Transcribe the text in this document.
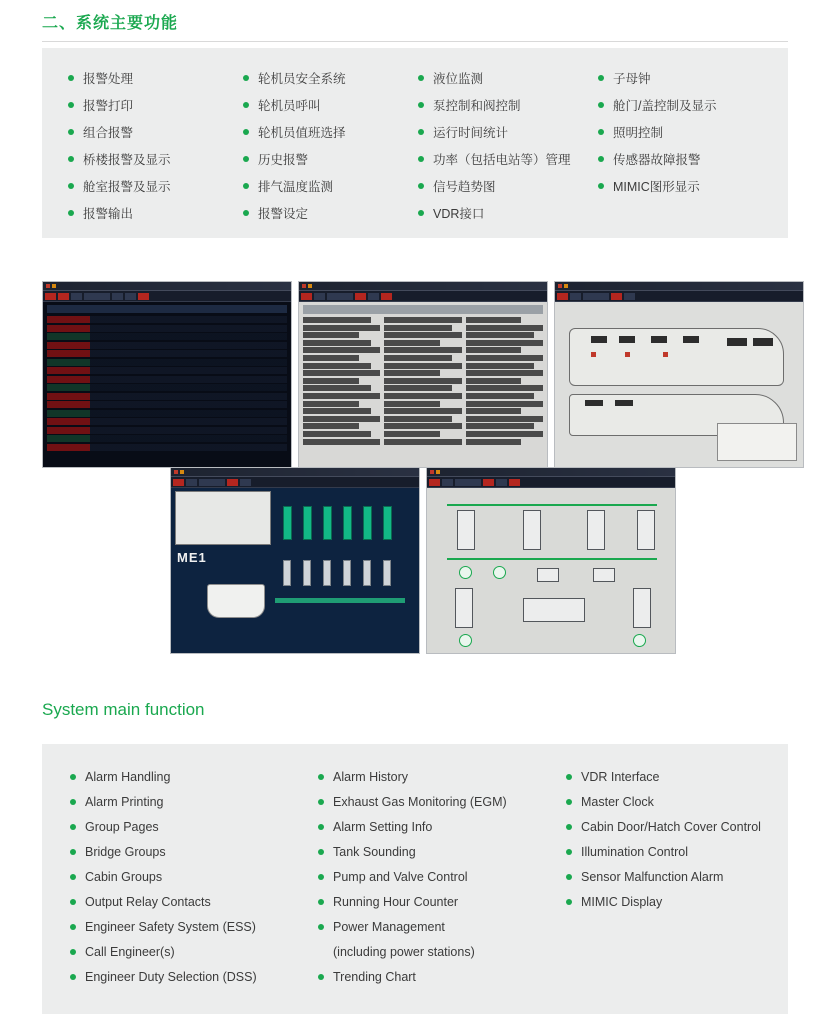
二、系统主要功能
报警处理	轮机员安全系统	液位监测	子母钟
报警打印	轮机员呼叫	泵控制和阀控制	舱门/盖控制及显示
组合报警	轮机员值班选择	运行时间统计	照明控制
桥楼报警及显示	历史报警	功率（包括电站等）管理	传感器故障报警
舱室报警及显示	排气温度监测	信号趋势图	MIMIC图形显示
报警输出	报警设定	VDR接口
ME1
System main function
Alarm Handling	Alarm History	VDR Interface
Alarm Printing	Exhaust Gas Monitoring (EGM)	Master Clock
Group Pages	Alarm Setting Info	Cabin Door/Hatch Cover Control
Bridge Groups	Tank Sounding	Illumination Control
Cabin Groups	Pump and Valve Control	Sensor Malfunction Alarm
Output Relay Contacts	Running Hour Counter	MIMIC Display
Engineer Safety System (ESS)	Power Management
Call Engineer(s)	(including power stations)
Engineer Duty Selection (DSS)	Trending Chart
